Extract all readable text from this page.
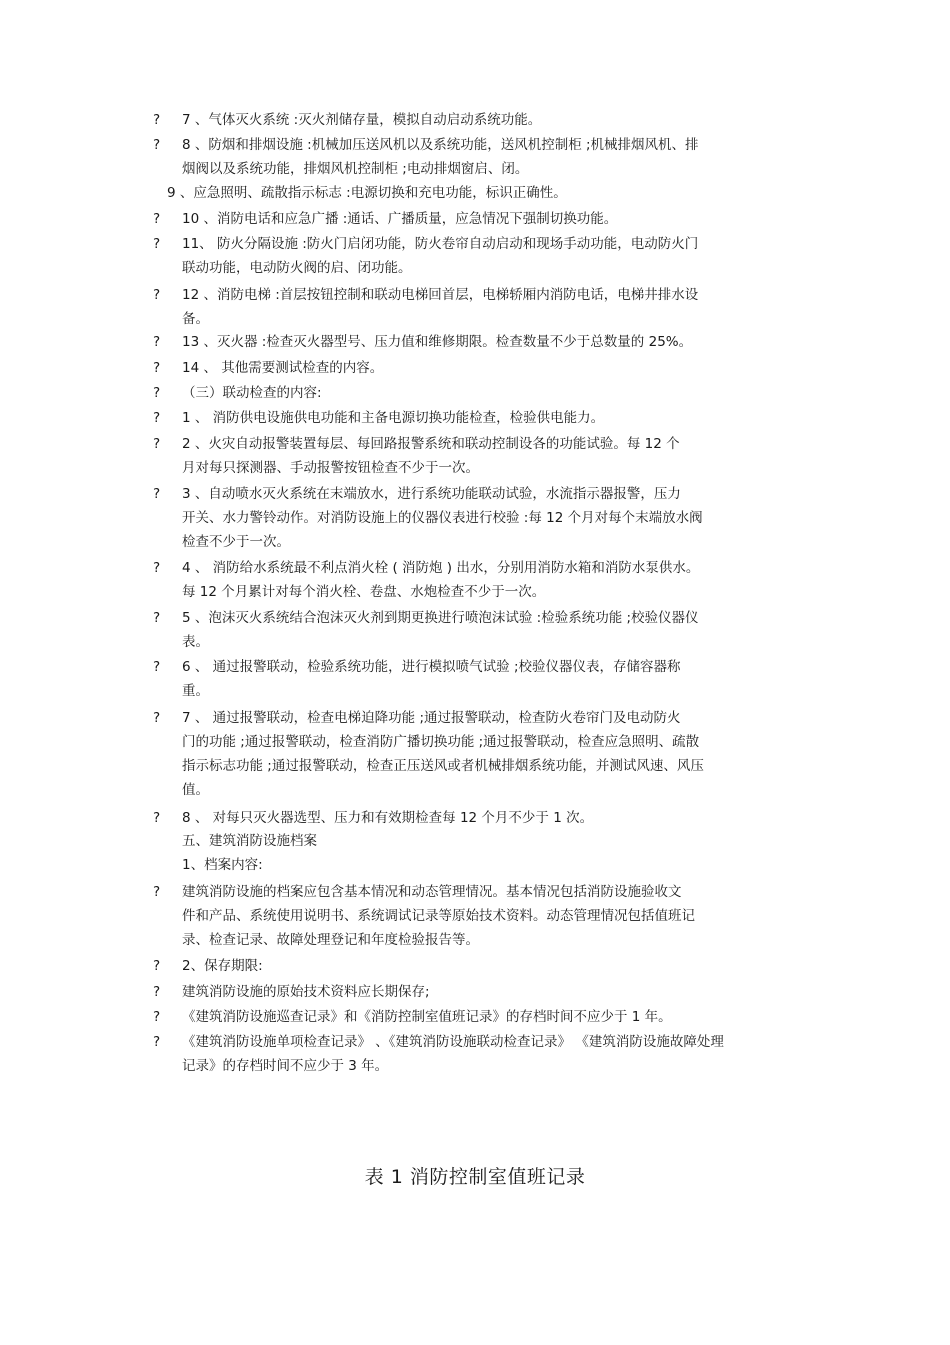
?	7 、气体灭火系统 :灭火剂储存量，模拟自动启动系统功能。
?	8 、防烟和排烟设施 :机械加压送风机以及系统功能，送风机控制柜 ;机械排烟风机、排
烟阀以及系统功能，排烟风机控制柜 ;电动排烟窗启、闭。
9 、应急照明、疏散指示标志 :电源切换和充电功能，标识正确性。
?	10 、消防电话和应急广播 :通话、广播质量，应急情况下强制切换功能。
?	11、 防火分隔设施 :防火门启闭功能，防火卷帘自动启动和现场手动功能，电动防火门
联动功能，电动防火阀的启、闭功能。
?	12 、消防电梯 :首层按钮控制和联动电梯回首层，电梯轿厢内消防电话，电梯井排水设
备。
?	13 、灭火器 :检查灭火器型号、压力值和维修期限。检查数量不少于总数量的 25%。
?	14 、 其他需要测试检查的内容。
?	（三）联动检查的内容:
?	1 、 消防供电设施供电功能和主备电源切换功能检查，检验供电能力。
?	2 、火灾自动报警装置每层、每回路报警系统和联动控制设各的功能试验。每 12 个
月对每只探测器、手动报警按钮检查不少于一次。
?	3 、自动喷水灭火系统在末端放水，进行系统功能联动试验，水流指示器报警，压力
开关、水力警铃动作。对消防设施上的仪器仪表进行校验 :每 12 个月对每个末端放水阀
检查不少于一次。
?	4 、 消防给水系统最不利点消火栓 ( 消防炮 ) 出水，分别用消防水箱和消防水泵供水。
每 12 个月累计对每个消火栓、卷盘、水炮检查不少于一次。
?	5 、泡沫灭火系统结合泡沫灭火剂到期更换进行喷泡沫试验 :检验系统功能 ;校验仪器仪
表。
?	6 、 通过报警联动，检验系统功能，进行模拟喷气试验 ;校验仪器仪表，存储容器称
重。
?	7 、 通过报警联动，检查电梯迫降功能 ;通过报警联动，检查防火卷帘门及电动防火
门的功能 ;通过报警联动，检查消防广播切换功能 ;通过报警联动，检查应急照明、疏散
指示标志功能 ;通过报警联动，检查正压送风或者机械排烟系统功能，并测试风速、风压
值。
?	8 、 对每只灭火器选型、压力和有效期检查每 12 个月不少于 1 次。
五、建筑消防设施档案
1、档案内容:
?	建筑消防设施的档案应包含基本情况和动态管理情况。基本情况包括消防设施验收文
件和产品、系统使用说明书、系统调试记录等原始技术资料。动态管理情况包括值班记
录、检查记录、故障处理登记和年度检验报告等。
?	2、保存期限:
?	建筑消防设施的原始技术资料应长期保存;
?	《建筑消防设施巡查记录》和《消防控制室值班记录》的存档时间不应少于 1 年。
?	《建筑消防设施单项检查记录》 、《建筑消防设施联动检查记录》 《建筑消防设施故障处理
记录》的存档时间不应少于 3 年。
表 1 消防控制室值班记录
